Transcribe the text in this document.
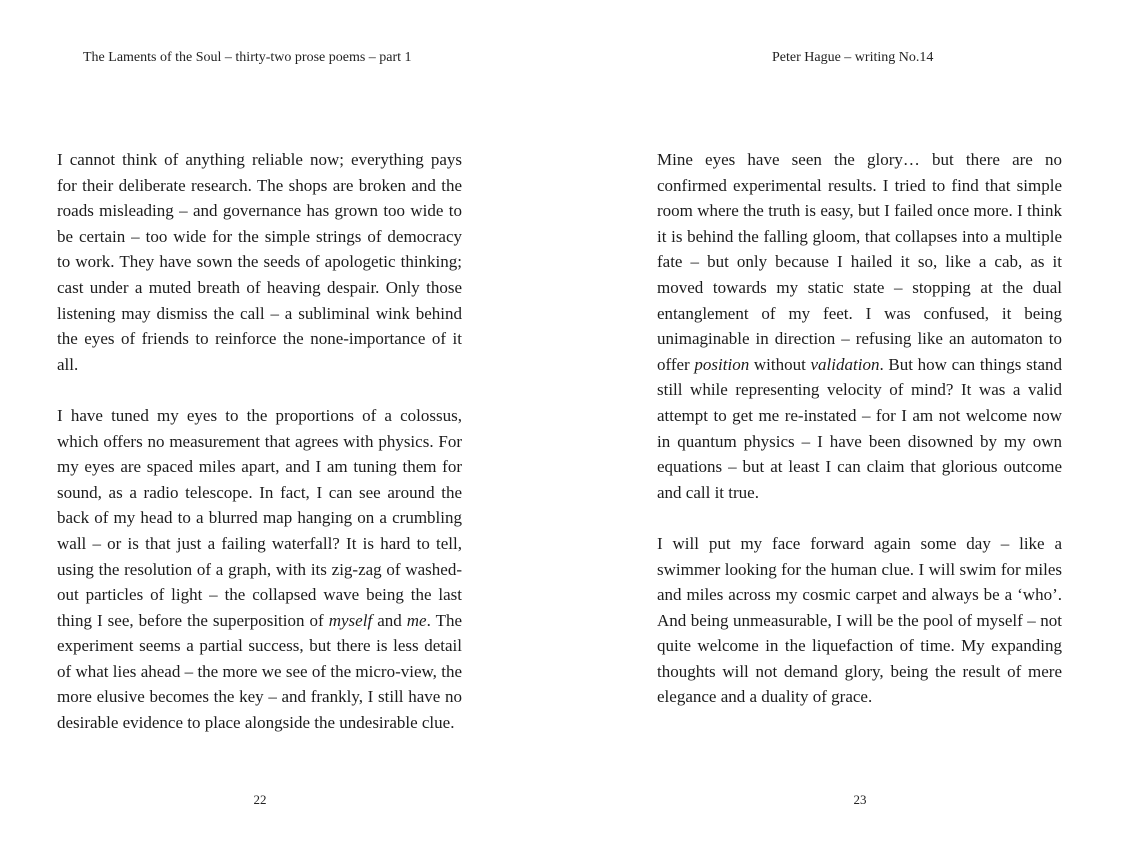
The Laments of the Soul – thirty-two prose poems – part 1

I cannot think of anything reliable now; everything pays for their deliberate research. The shops are broken and the roads misleading – and governance has grown too wide to be certain – too wide for the simple strings of democracy to work. They have sown the seeds of apologetic thinking; cast under a muted breath of heaving despair. Only those listening may dismiss the call – a subliminal wink behind the eyes of friends to reinforce the none-importance of it all.

I have tuned my eyes to the proportions of a colossus, which offers no measurement that agrees with physics. For my eyes are spaced miles apart, and I am tuning them for sound, as a radio telescope. In fact, I can see around the back of my head to a blurred map hanging on a crumbling wall – or is that just a failing waterfall? It is hard to tell, using the resolution of a graph, with its zig-zag of washed-out particles of light – the collapsed wave being the last thing I see, before the superposition of myself and me. The experiment seems a partial success, but there is less detail of what lies ahead – the more we see of the micro-view, the more elusive becomes the key – and frankly, I still have no desirable evidence to place alongside the undesirable clue.

22
Peter Hague – writing No.14

Mine eyes have seen the glory… but there are no confirmed experimental results. I tried to find that simple room where the truth is easy, but I failed once more. I think it is behind the falling gloom, that collapses into a multiple fate – but only because I hailed it so, like a cab, as it moved towards my static state – stopping at the dual entanglement of my feet. I was confused, it being unimaginable in direction – refusing like an automaton to offer position without validation. But how can things stand still while representing velocity of mind? It was a valid attempt to get me re-instated – for I am not welcome now in quantum physics – I have been disowned by my own equations – but at least I can claim that glorious outcome and call it true.

I will put my face forward again some day – like a swimmer looking for the human clue. I will swim for miles and miles across my cosmic carpet and always be a ‘who’. And being unmeasurable, I will be the pool of myself – not quite welcome in the liquefaction of time. My expanding thoughts will not demand glory, being the result of mere elegance and a duality of grace.

23
